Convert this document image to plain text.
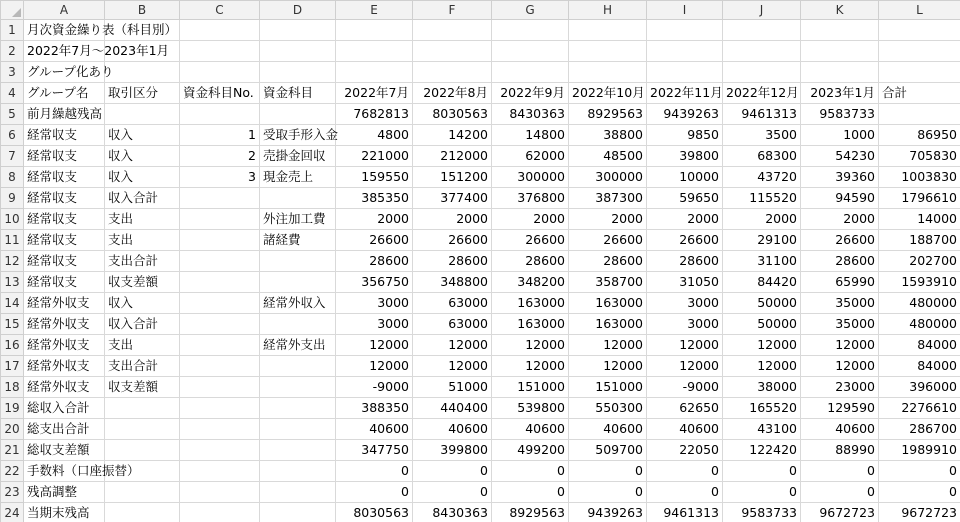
	A	B	C	D	E	F	G	H	I	J	K	L
1	月次資金繰り表（科目別）											
2	2022年7月〜2023年1月											
3	グループ化あり											
4	グループ名	取引区分	資金科目No.	資金科目	2022年7月	2022年8月	2022年9月	2022年10月	2022年11月	2022年12月	2023年1月	合計
5	前月繰越残高				7682813	8030563	8430363	8929563	9439263	9461313	9583733	
6	経常収支	収入	1	受取手形入金	4800	14200	14800	38800	9850	3500	1000	86950
7	経常収支	収入	2	売掛金回収	221000	212000	62000	48500	39800	68300	54230	705830
8	経常収支	収入	3	現金売上	159550	151200	300000	300000	10000	43720	39360	1003830
9	経常収支	収入合計			385350	377400	376800	387300	59650	115520	94590	1796610
10	経常収支	支出		外注加工費	2000	2000	2000	2000	2000	2000	2000	14000
11	経常収支	支出		諸経費	26600	26600	26600	26600	26600	29100	26600	188700
12	経常収支	支出合計			28600	28600	28600	28600	28600	31100	28600	202700
13	経常収支	収支差額			356750	348800	348200	358700	31050	84420	65990	1593910
14	経常外収支	収入		経常外収入	3000	63000	163000	163000	3000	50000	35000	480000
15	経常外収支	収入合計			3000	63000	163000	163000	3000	50000	35000	480000
16	経常外収支	支出		経常外支出	12000	12000	12000	12000	12000	12000	12000	84000
17	経常外収支	支出合計			12000	12000	12000	12000	12000	12000	12000	84000
18	経常外収支	収支差額			-9000	51000	151000	151000	-9000	38000	23000	396000
19	総収入合計				388350	440400	539800	550300	62650	165520	129590	2276610
20	総支出合計				40600	40600	40600	40600	40600	43100	40600	286700
21	総収支差額				347750	399800	499200	509700	22050	122420	88990	1989910
22	手数料（口座振替）				0	0	0	0	0	0	0	0
23	残高調整				0	0	0	0	0	0	0	0
24	当期末残高				8030563	8430363	8929563	9439263	9461313	9583733	9672723	9672723
